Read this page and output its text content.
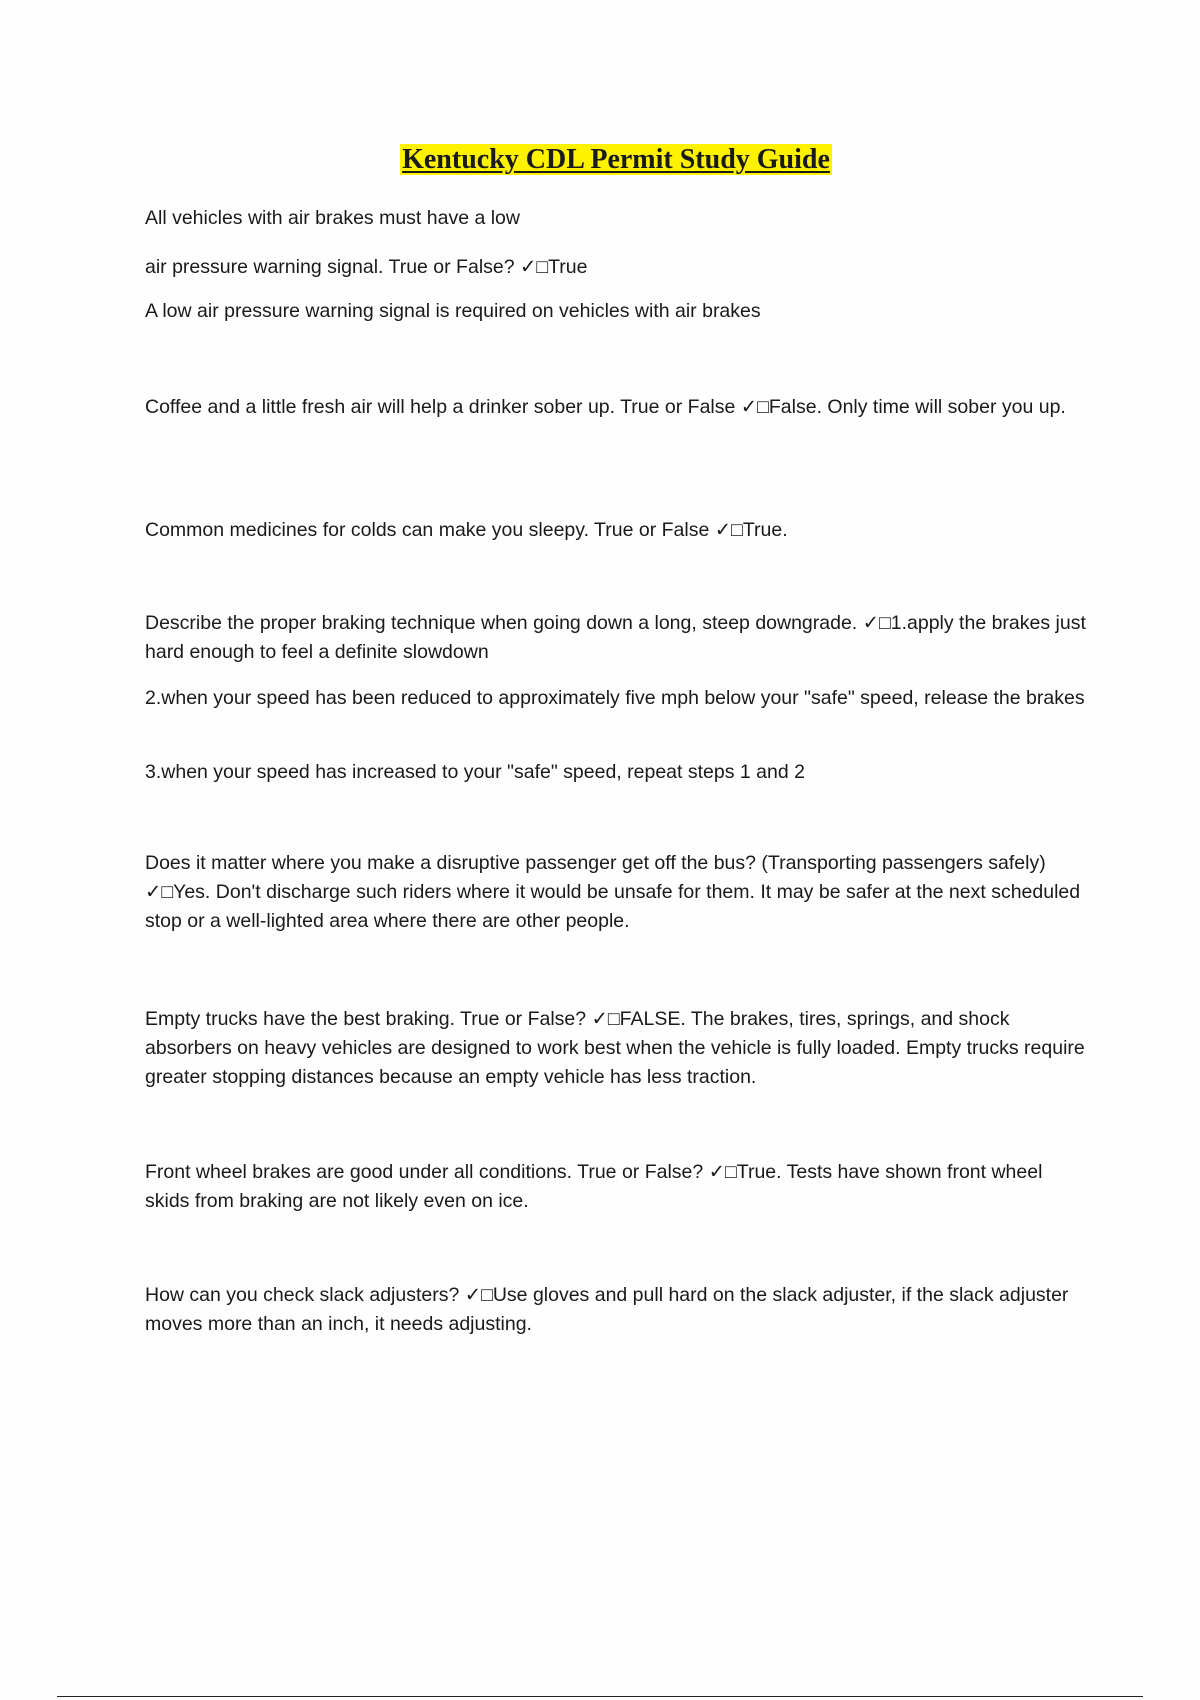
Kentucky CDL Permit Study Guide

All vehicles with air brakes must have a low

air pressure warning signal. True or False? ✓□True

A low air pressure warning signal is required on vehicles with air brakes

Coffee and a little fresh air will help a drinker sober up. True or False ✓□False. Only time will sober you up.

Common medicines for colds can make you sleepy. True or False ✓□True.

Describe the proper braking technique when going down a long, steep downgrade. ✓□1.apply the brakes just hard enough to feel a definite slowdown

2.when your speed has been reduced to approximately five mph below your "safe" speed, release the brakes

3.when your speed has increased to your "safe" speed, repeat steps 1 and 2

Does it matter where you make a disruptive passenger get off the bus? (Transporting passengers safely) ✓□Yes. Don't discharge such riders where it would be unsafe for them. It may be safer at the next scheduled stop or a well-lighted area where there are other people.

Empty trucks have the best braking. True or False? ✓□FALSE. The brakes, tires, springs, and shock absorbers on heavy vehicles are designed to work best when the vehicle is fully loaded. Empty trucks require greater stopping distances because an empty vehicle has less traction.

Front wheel brakes are good under all conditions. True or False? ✓□True. Tests have shown front wheel skids from braking are not likely even on ice.

How can you check slack adjusters? ✓□Use gloves and pull hard on the slack adjuster, if the slack adjuster moves more than an inch, it needs adjusting.
